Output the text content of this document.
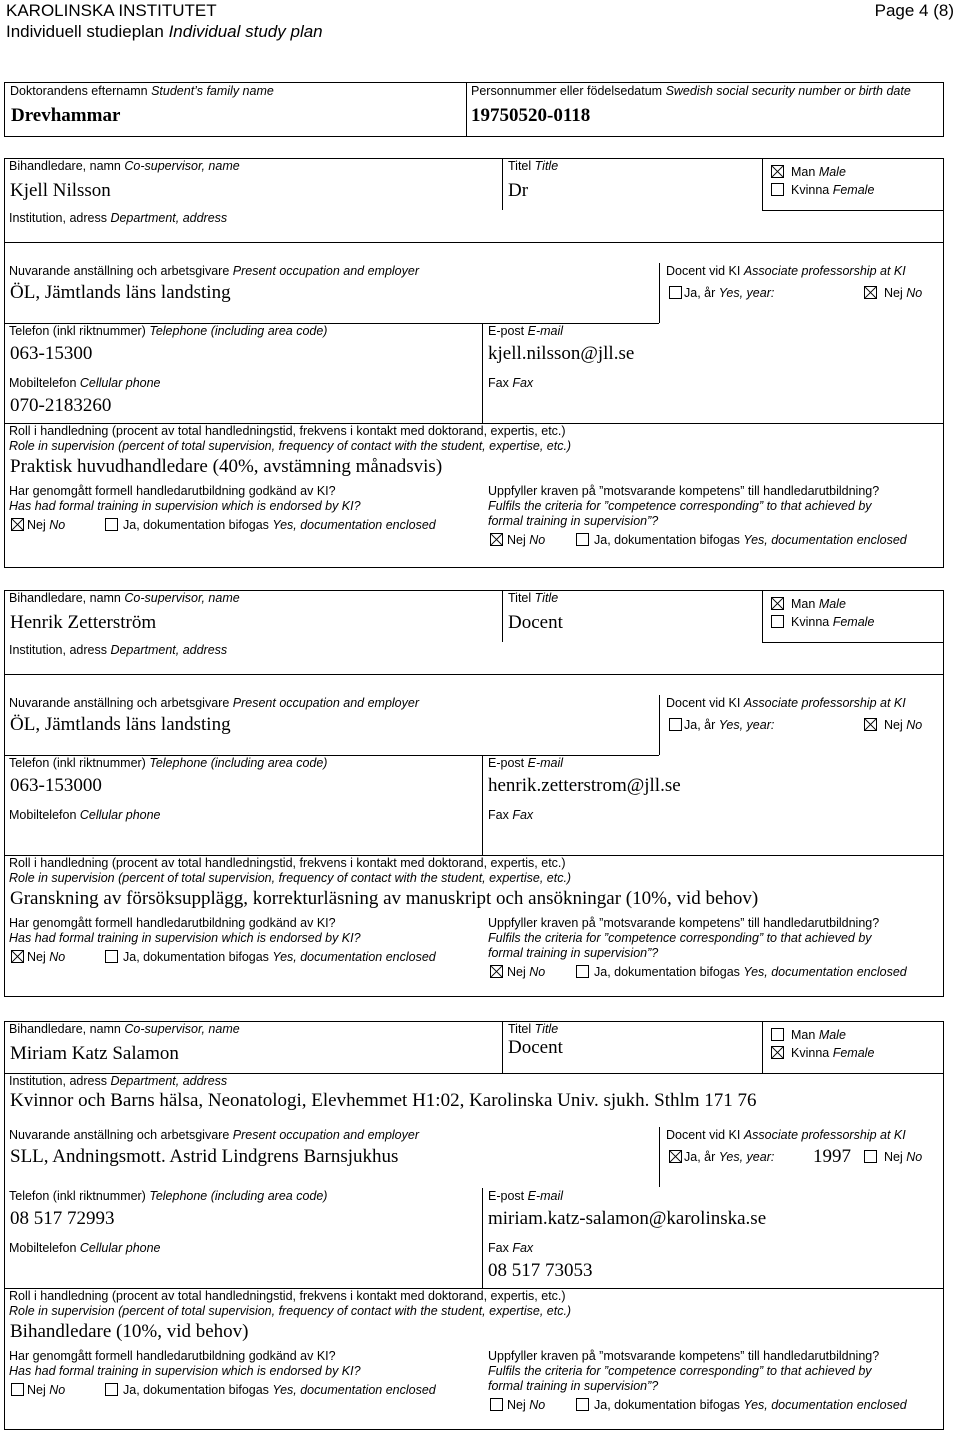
KAROLINSKA INSTITUTET
Individuell studieplan Individual study plan
Page 4 (8)
Doktorandens efternamn Student’s family name
Drevhammar
Personnummer eller födelsedatum Swedish social security number or birth date
19750520-0118
Bihandledare, namn Co-supervisor, name
Kjell Nilsson
Titel Title
Dr
Man Male
Kvinna Female
Institution, adress Department, address
Nuvarande anställning och arbetsgivare Present occupation and employer
ÖL, Jämtlands läns landsting
Docent vid KI Associate professorship at KI
Ja, år Yes, year:	Nej No
Telefon (inkl riktnummer) Telephone (including area code)
063-15300
E-post E-mail
kjell.nilsson@jll.se
Mobiltelefon Cellular phone
070-2183260
Fax Fax
Roll i handledning (procent av total handledningstid, frekvens i kontakt med doktorand, expertis, etc.)
Role in supervision (percent of total supervision, frequency of contact with the student, expertise, etc.)
Praktisk huvudhandledare (40%, avstämning månadsvis)
Har genomgått formell handledarutbildning godkänd av KI?
Has had formal training in supervision which is endorsed by KI?
Nej No	Ja, dokumentation bifogas Yes, documentation enclosed
Uppfyller kraven på ”motsvarande kompetens” till handledarutbildning?
Fulfils the criteria for ”competence corresponding” to that achieved by
formal training in supervision”?
Nej No	Ja, dokumentation bifogas Yes, documentation enclosed
Bihandledare, namn Co-supervisor, name
Henrik Zetterström
Titel Title
Docent
Man Male
Kvinna Female
Institution, adress Department, address
Nuvarande anställning och arbetsgivare Present occupation and employer
ÖL, Jämtlands läns landsting
Docent vid KI Associate professorship at KI
Ja, år Yes, year:	Nej No
Telefon (inkl riktnummer) Telephone (including area code)
063-153000
E-post E-mail
henrik.zetterstrom@jll.se
Mobiltelefon Cellular phone	Fax Fax
Roll i handledning (procent av total handledningstid, frekvens i kontakt med doktorand, expertis, etc.)
Role in supervision (percent of total supervision, frequency of contact with the student, expertise, etc.)
Granskning av försöksupplägg, korrekturläsning av manuskript och ansökningar (10%, vid behov)
Har genomgått formell handledarutbildning godkänd av KI?
Has had formal training in supervision which is endorsed by KI?
Nej No	Ja, dokumentation bifogas Yes, documentation enclosed
Uppfyller kraven på ”motsvarande kompetens” till handledarutbildning?
Fulfils the criteria for ”competence corresponding” to that achieved by
formal training in supervision”?
Nej No	Ja, dokumentation bifogas Yes, documentation enclosed
Bihandledare, namn Co-supervisor, name
Miriam Katz Salamon
Titel Title
Docent
Man Male
Kvinna Female
Institution, adress Department, address
Kvinnor och Barns hälsa, Neonatologi, Elevhemmet H1:02, Karolinska Univ. sjukh. Sthlm 171 76
Nuvarande anställning och arbetsgivare Present occupation and employer
SLL, Andningsmott. Astrid Lindgrens Barnsjukhus
Docent vid KI Associate professorship at KI
Ja, år Yes, year: 1997	Nej No
Telefon (inkl riktnummer) Telephone (including area code)
08 517 72993
E-post E-mail
miriam.katz-salamon@karolinska.se
Mobiltelefon Cellular phone	Fax Fax
08 517 73053
Roll i handledning (procent av total handledningstid, frekvens i kontakt med doktorand, expertis, etc.)
Role in supervision (percent of total supervision, frequency of contact with the student, expertise, etc.)
Bihandledare (10%, vid behov)
Har genomgått formell handledarutbildning godkänd av KI?
Has had formal training in supervision which is endorsed by KI?
Nej No	Ja, dokumentation bifogas Yes, documentation enclosed
Uppfyller kraven på ”motsvarande kompetens” till handledarutbildning?
Fulfils the criteria for ”competence corresponding” to that achieved by
formal training in supervision”?
Nej No	Ja, dokumentation bifogas Yes, documentation enclosed
